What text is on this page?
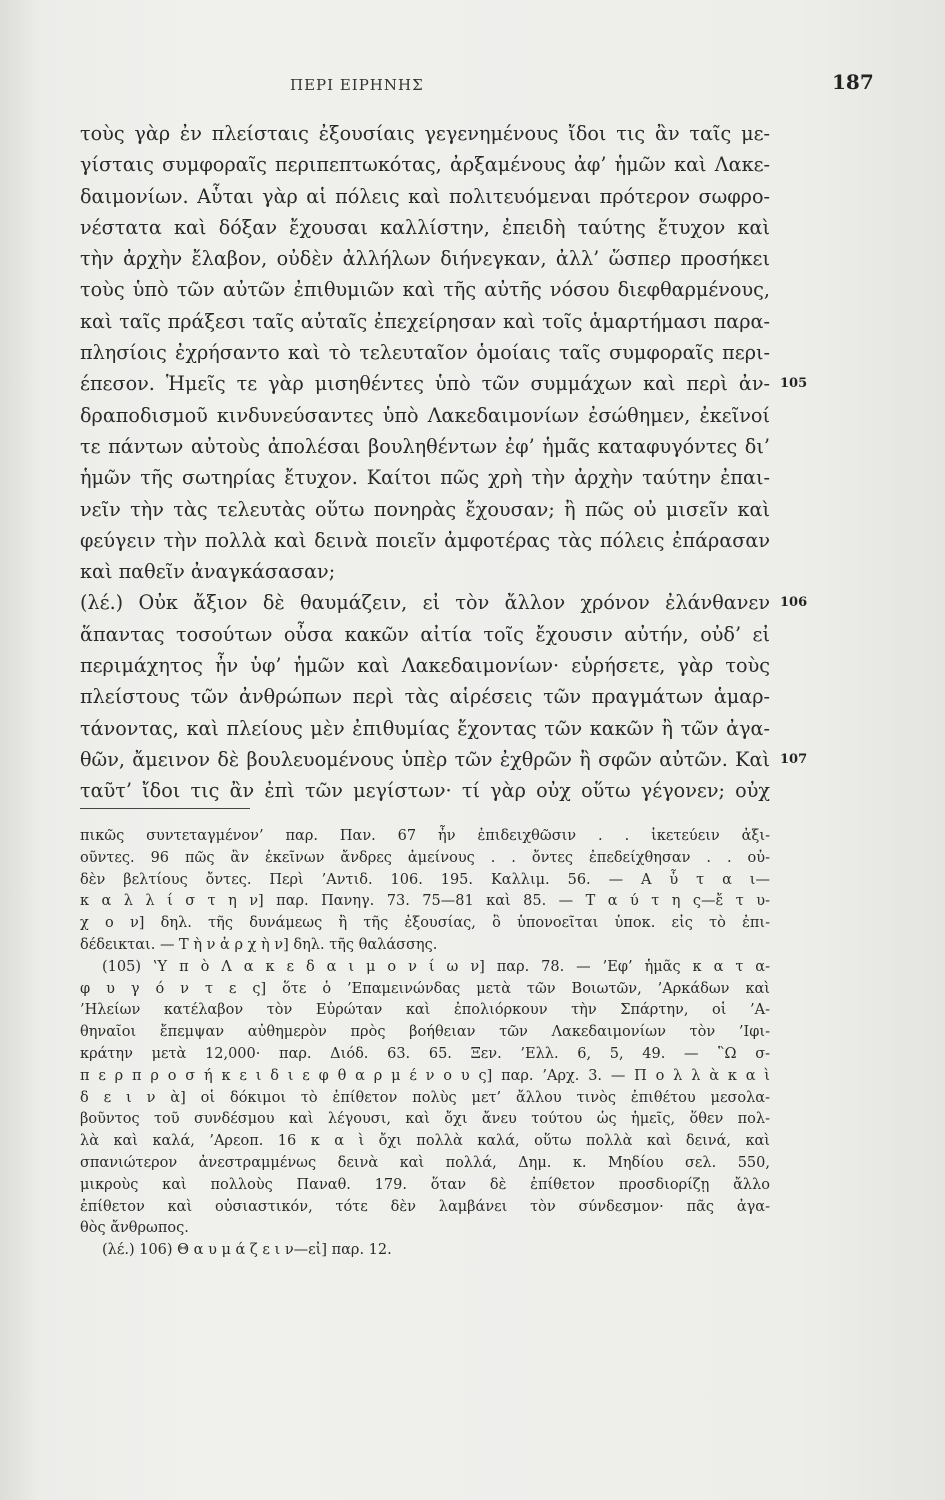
ΠΕΡΙ ΕΙΡΗΝΗΣ	187
τοὺς γὰρ ἐν πλείσταις ἐξουσίαις γεγενημένους ἴδοι τις ἂν ταῖς με-
γίσταις συμφοραῖς περιπεπτωκότας, ἀρξαμένους ἀφ’ ἡμῶν καὶ Λακε-
δαιμονίων. Αὗται γὰρ αἱ πόλεις καὶ πολιτευόμεναι πρότερον σωφρο-
νέστατα καὶ δόξαν ἔχουσαι καλλίστην, ἐπειδὴ ταύτης ἔτυχον καὶ
τὴν ἀρχὴν ἔλαβον, οὐδὲν ἀλλήλων διήνεγκαν, ἀλλ’ ὥσπερ προσήκει
τοὺς ὑπὸ τῶν αὐτῶν ἐπιθυμιῶν καὶ τῆς αὐτῆς νόσου διεφθαρμένους,
καὶ ταῖς πράξεσι ταῖς αὐταῖς ἐπεχείρησαν καὶ τοῖς ἁμαρτήμασι παρα-
πλησίοις ἐχρήσαντο καὶ τὸ τελευταῖον ὁμοίαις ταῖς συμφοραῖς περι-
έπεσον. Ἡμεῖς τε γὰρ μισηθέντες ὑπὸ τῶν συμμάχων καὶ περὶ ἀν- 105
δραποδισμοῦ κινδυνεύσαντες ὑπὸ Λακεδαιμονίων ἐσώθημεν, ἐκεῖνοί
τε πάντων αὐτοὺς ἀπολέσαι βουληθέντων ἐφ’ ἡμᾶς καταφυγόντες δι’
ἡμῶν τῆς σωτηρίας ἔτυχον. Καίτοι πῶς χρὴ τὴν ἀρχὴν ταύτην ἐπαι-
νεῖν τὴν τὰς τελευτὰς οὕτω πονηρὰς ἔχουσαν; ἢ πῶς οὐ μισεῖν καὶ
φεύγειν τὴν πολλὰ καὶ δεινὰ ποιεῖν ἀμφοτέρας τὰς πόλεις ἐπάρασαν
καὶ παθεῖν ἀναγκάσασαν;
(λέ.) Οὐκ ἄξιον δὲ θαυμάζειν, εἰ τὸν ἄλλον χρόνον ἐλάνθανεν 106
ἅπαντας τοσούτων οὖσα κακῶν αἰτία τοῖς ἔχουσιν αὐτήν, οὐδ’ εἰ
περιμάχητος ἦν ὑφ’ ἡμῶν καὶ Λακεδαιμονίων· εὑρήσετε, γὰρ τοὺς
πλείστους τῶν ἀνθρώπων περὶ τὰς αἱρέσεις τῶν πραγμάτων ἁμαρ-
τάνοντας, καὶ πλείους μὲν ἐπιθυμίας ἔχοντας τῶν κακῶν ἢ τῶν ἀγα-
θῶν, ἄμεινον δὲ βουλευομένους ὑπὲρ τῶν ἐχθρῶν ἢ σφῶν αὐτῶν. Καὶ 107
ταῦτ’ ἴδοι τις ἂν ἐπὶ τῶν μεγίστων· τί γὰρ οὐχ οὕτω γέγονεν; οὐχ
πικῶς συντεταγμένον’ παρ. Παν. 67 ἦν ἐπιδειχθῶσιν . . ἱκετεύειν ἀξι-
οῦντες. 96 πῶς ἂν ἐκεῖνων ἄνδρες ἀμείνους . . ὄντες ἐπεδείχθησαν . . οὐ-
δὲν βελτίους ὄντες. Περὶ ’Αντιδ. 106. 195. Καλλιμ. 56. — Α ὗ τ α ι—
κ α λ λ ί σ τ η ν] παρ. Πανηγ. 73. 75—81 καὶ 85. — Τ α ύ τ η ς—ἔ τ υ-
χ ο ν] δηλ. τῆς δυνάμεως ἢ τῆς ἐξουσίας, ὃ ὑπονοεῖται ὑποκ. εἰς τὸ ἐπι-
δέδεικται. — Τ ὴ ν ἀ ρ χ ὴ ν] δηλ. τῆς θαλάσσης.
(105) ‛Υ π ὸ Λ α κ ε δ α ι μ ο ν ί ω ν] παρ. 78. — ’Εφ’ ἡμᾶς κ α τ α-
φ υ γ ό ν τ ε ς] ὅτε ὁ ’Επαμεινώνδας μετὰ τῶν Βοιωτῶν, ’Αρκάδων καὶ
’Ηλείων κατέλαβον τὸν Εὐρώταν καὶ ἐπολιόρκουν τὴν Σπάρτην, οἱ ’Α-
θηναῖοι ἔπεμψαν αὐθημερὸν πρὸς βοήθειαν τῶν Λακεδαιμονίων τὸν ’Ιφι-
κράτην μετὰ 12,000· παρ. Διόδ. 63. 65. Ξεν. ’Ελλ. 6, 5, 49. — ῝Ω σ-
π ε ρ π ρ ο σ ή κ ε ι δ ι ε φ θ α ρ μ έ ν ο υ ς] παρ. ’Αρχ. 3. — Π ο λ λ ὰ κ α ὶ
δ ε ι ν ὰ] οἱ δόκιμοι τὸ ἐπίθετον πολὺς μετ’ ἄλλου τινὸς ἐπιθέτου μεσολα-
βοῦντος τοῦ συνδέσμου καὶ λέγουσι, καὶ ὄχι ἄνευ τούτου ὡς ἡμεῖς, ὅθεν πολ-
λὰ καὶ καλά, ’Αρεοπ. 16 κ α ὶ ὄχι πολλὰ καλά, οὕτω πολλὰ καὶ δεινά, καὶ
σπανιώτερον ἀνεστραμμένως δεινὰ καὶ πολλά, Δημ. κ. Μηδίου σελ. 550,
μικροὺς καὶ πολλοὺς Παναθ. 179. ὅταν δὲ ἐπίθετον προσδιορίζῃ ἄλλο
ἐπίθετον καὶ οὐσιαστικόν, τότε δὲν λαμβάνει τὸν σύνδεσμον· πᾶς ἀγα-
θὸς ἄνθρωπος.
(λέ.) 106) Θ α υ μ ά ζ ε ι ν—εἰ] παρ. 12.
